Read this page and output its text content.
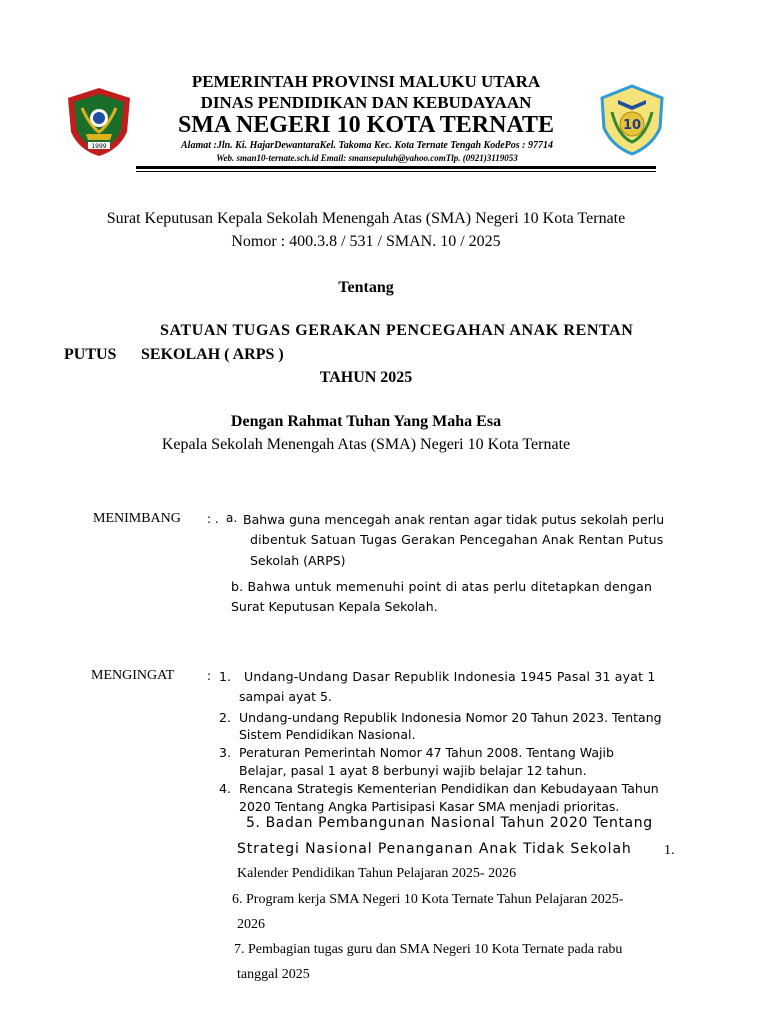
1999
10
PEMERINTAH PROVINSI MALUKU UTARA
DINAS PENDIDIKAN DAN KEBUDAYAAN
SMA NEGERI 10 KOTA TERNATE
Alamat :Jln. Ki. HajarDewantaraKel. Takoma Kec. Kota Ternate Tengah KodePos : 97714
Web. sman10-ternate.sch.id Email: smansepuluh@yahoo.comTlp. (0921)3119053
Surat Keputusan Kepala Sekolah Menengah Atas (SMA) Negeri 10 Kota Ternate
Nomor : 400.3.8 / 531 / SMAN. 10 / 2025
Tentang
SATUAN TUGAS GERAKAN PENCEGAHAN ANAK RENTAN
PUTUS SEKOLAH ( ARPS )
TAHUN 2025
Dengan Rahmat Tuhan Yang Maha Esa
Kepala Sekolah Menengah Atas (SMA) Negeri 10 Kota Ternate
MENIMBANG : . a. Bahwa guna mencegah anak rentan agar tidak putus sekolah perlu
dibentuk Satuan Tugas Gerakan Pencegahan Anak Rentan Putus
Sekolah (ARPS)
b. Bahwa untuk memenuhi point di atas perlu ditetapkan dengan
Surat Keputusan Kepala Sekolah.
MENGINGAT	: 1. Undang-Undang Dasar Republik Indonesia 1945 Pasal 31 ayat 1
sampai ayat 5.
2. Undang-undang Republik Indonesia Nomor 20 Tahun 2023. Tentang
Sistem Pendidikan Nasional.
3. Peraturan Pemerintah Nomor 47 Tahun 2008. Tentang Wajib
Belajar, pasal 1 ayat 8 berbunyi wajib belajar 12 tahun.
4. Rencana Strategis Kementerian Pendidikan dan Kebudayaan Tahun
2020 Tentang Angka Partisipasi Kasar SMA menjadi prioritas.
5. Badan Pembangunan Nasional Tahun 2020 Tentang
Strategi Nasional Penanganan Anak Tidak Sekolah 1.
Kalender Pendidikan Tahun Pelajaran 2025- 2026
6. Program kerja SMA Negeri 10 Kota Ternate Tahun Pelajaran 2025-
2026
7. Pembagian tugas guru dan SMA Negeri 10 Kota Ternate pada rabu
tanggal 2025
